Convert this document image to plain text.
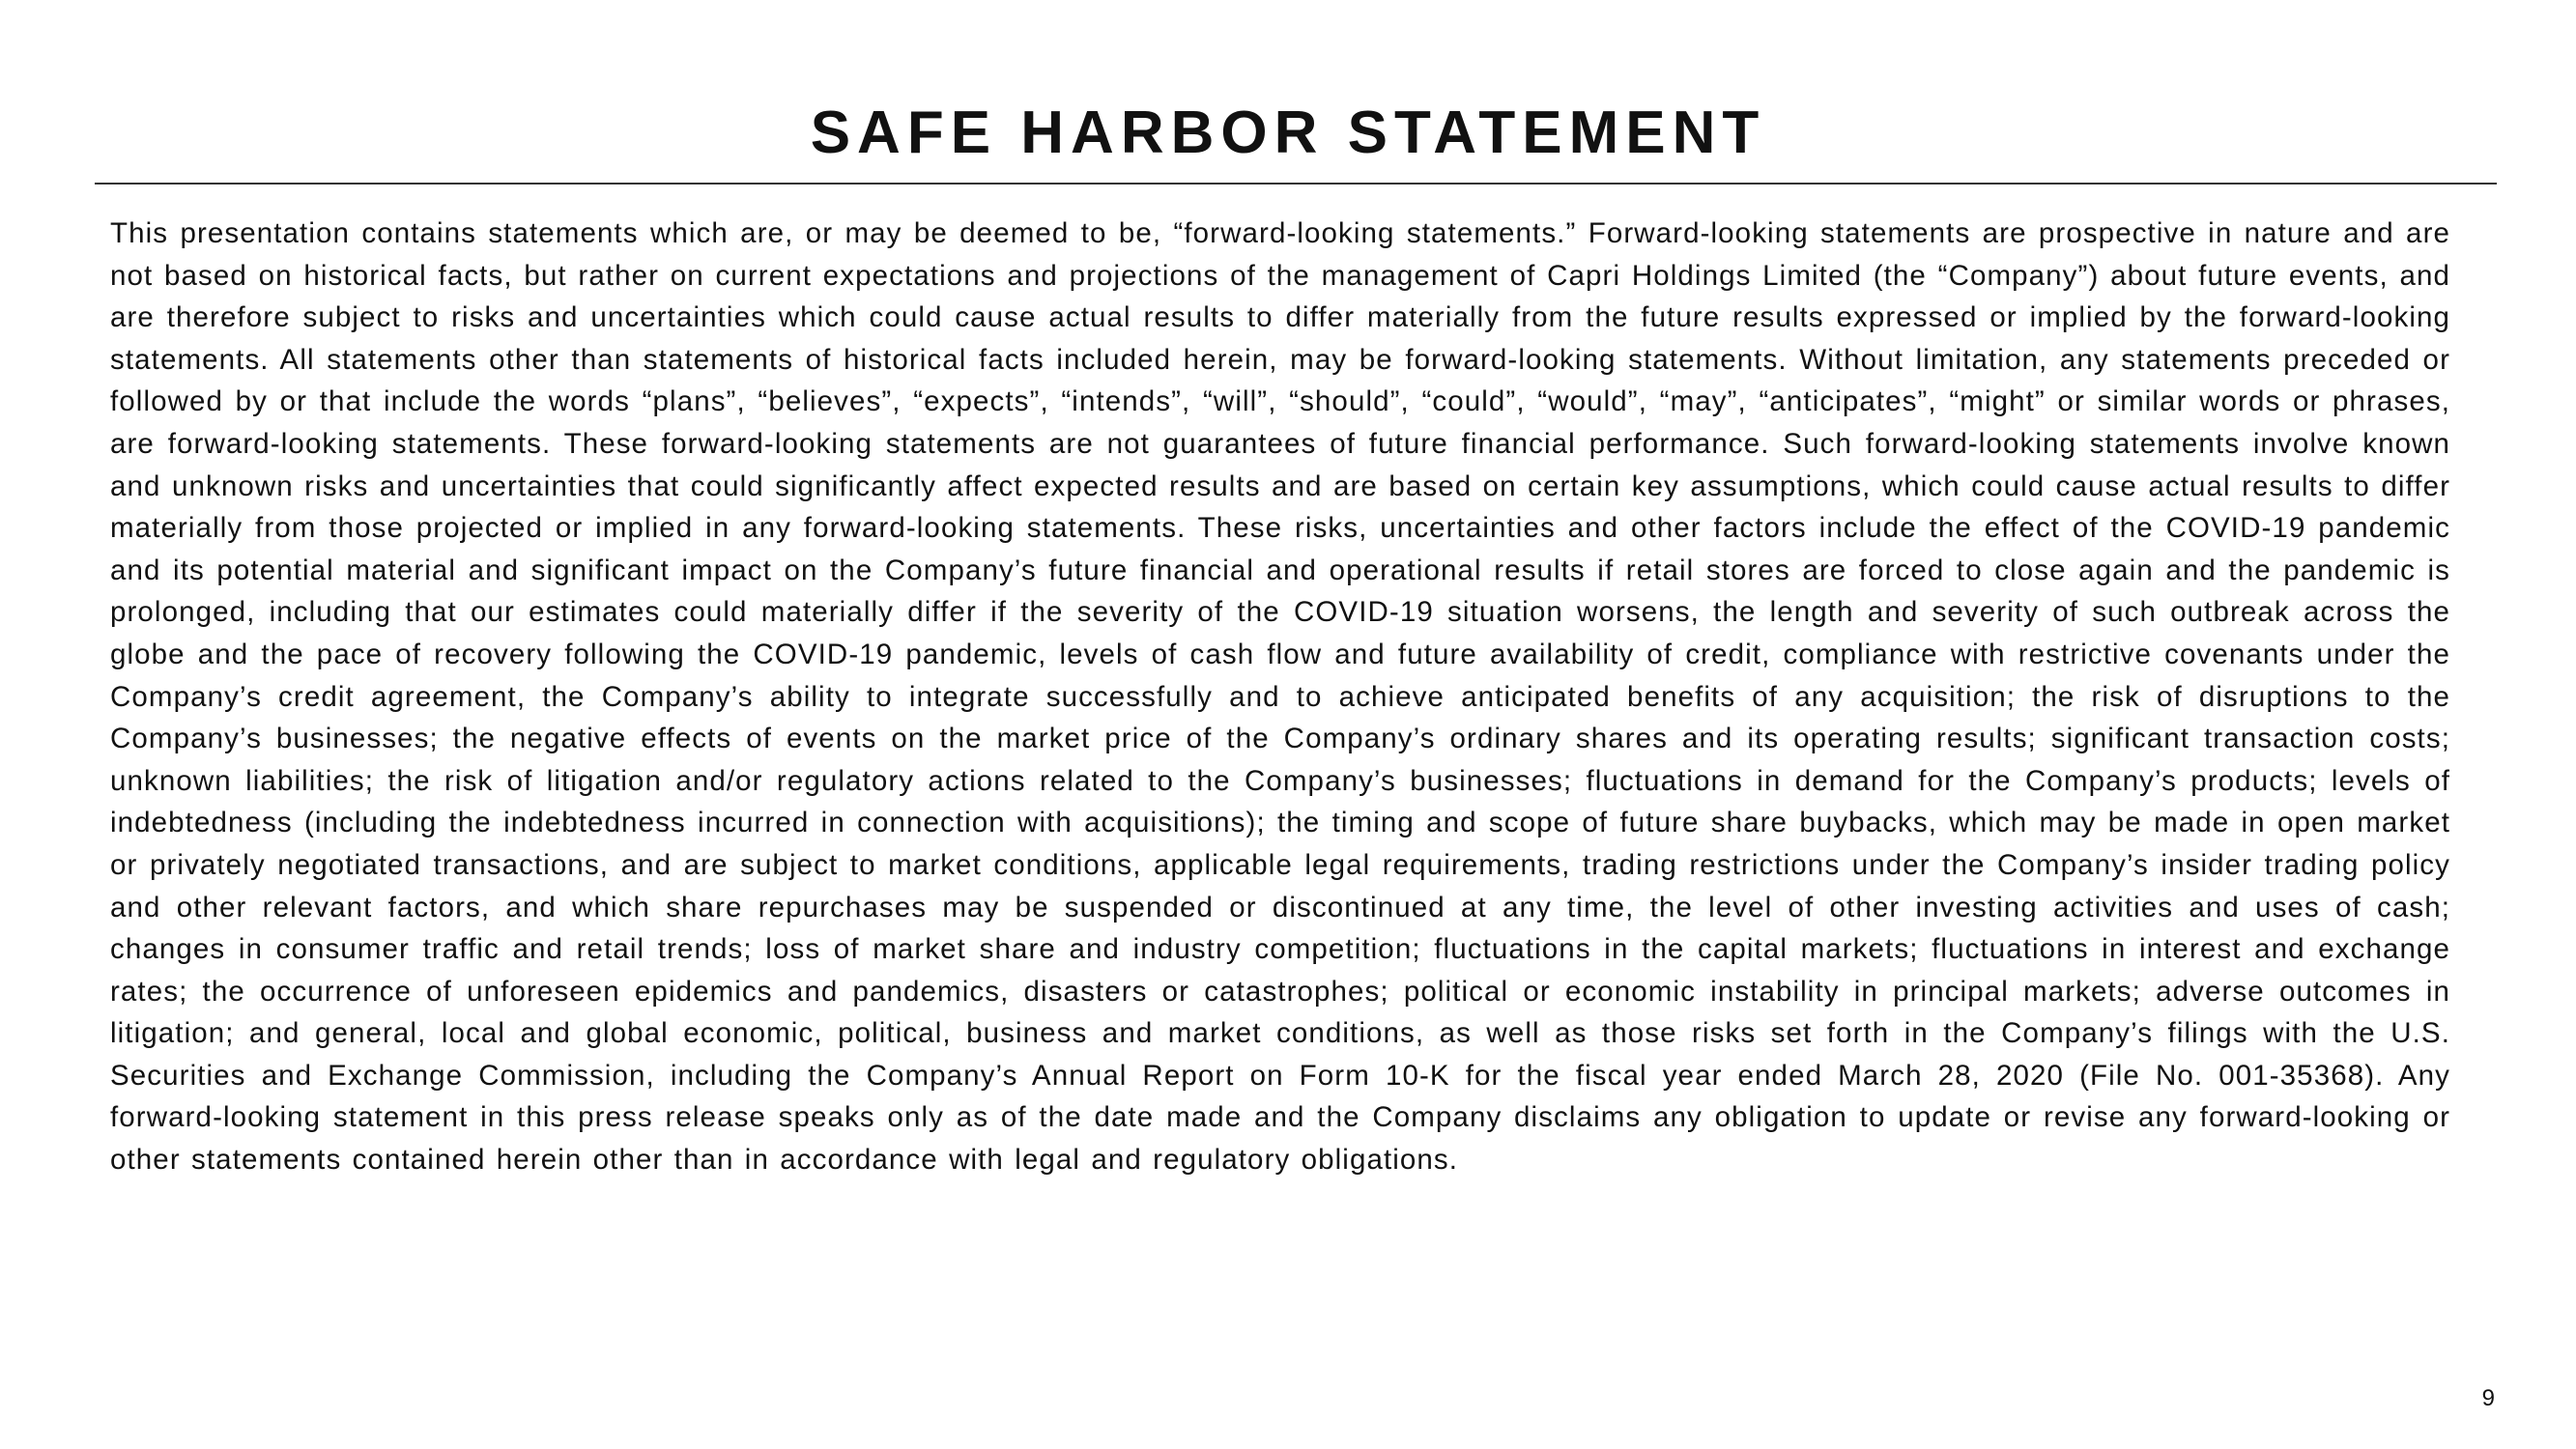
SAFE HARBOR STATEMENT

This presentation contains statements which are, or may be deemed to be, “forward-looking statements.” Forward-looking statements are prospective in nature and are not based on historical facts, but rather on current expectations and projections of the management of Capri Holdings Limited (the “Company”) about future events, and are therefore subject to risks and uncertainties which could cause actual results to differ materially from the future results expressed or implied by the forward-looking statements. All statements other than statements of historical facts included herein, may be forward-looking statements. Without limitation, any statements preceded or followed by or that include the words “plans”, “believes”, “expects”, “intends”, “will”, “should”, “could”, “would”, “may”, “anticipates”, “might” or similar words or phrases, are forward-looking statements. These forward-looking statements are not guarantees of future financial performance. Such forward-looking statements involve known and unknown risks and uncertainties that could significantly affect expected results and are based on certain key assumptions, which could cause actual results to differ materially from those projected or implied in any forward-looking statements. These risks, uncertainties and other factors include the effect of the COVID-19 pandemic and its potential material and significant impact on the Company’s future financial and operational results if retail stores are forced to close again and the pandemic is prolonged, including that our estimates could materially differ if the severity of the COVID-19 situation worsens, the length and severity of such outbreak across the globe and the pace of recovery following the COVID-19 pandemic, levels of cash flow and future availability of credit, compliance with restrictive covenants under the Company’s credit agreement, the Company’s ability to integrate successfully and to achieve anticipated benefits of any acquisition; the risk of disruptions to the Company’s businesses; the negative effects of events on the market price of the Company’s ordinary shares and its operating results; significant transaction costs; unknown liabilities; the risk of litigation and/or regulatory actions related to the Company’s businesses; fluctuations in demand for the Company’s products; levels of indebtedness (including the indebtedness incurred in connection with acquisitions); the timing and scope of future share buybacks, which may be made in open market or privately negotiated transactions, and are subject to market conditions, applicable legal requirements, trading restrictions under the Company’s insider trading policy and other relevant factors, and which share repurchases may be suspended or discontinued at any time, the level of other investing activities and uses of cash; changes in consumer traffic and retail trends; loss of market share and industry competition; fluctuations in the capital markets; fluctuations in interest and exchange rates; the occurrence of unforeseen epidemics and pandemics, disasters or catastrophes; political or economic instability in principal markets; adverse outcomes in litigation; and general, local and global economic, political, business and market conditions, as well as those risks set forth in the Company’s filings with the U.S. Securities and Exchange Commission, including the Company’s Annual Report on Form 10-K for the fiscal year ended March 28, 2020 (File No. 001-35368). Any forward-looking statement in this press release speaks only as of the date made and the Company disclaims any obligation to update or revise any forward-looking or other statements contained herein other than in accordance with legal and regulatory obligations.

9
